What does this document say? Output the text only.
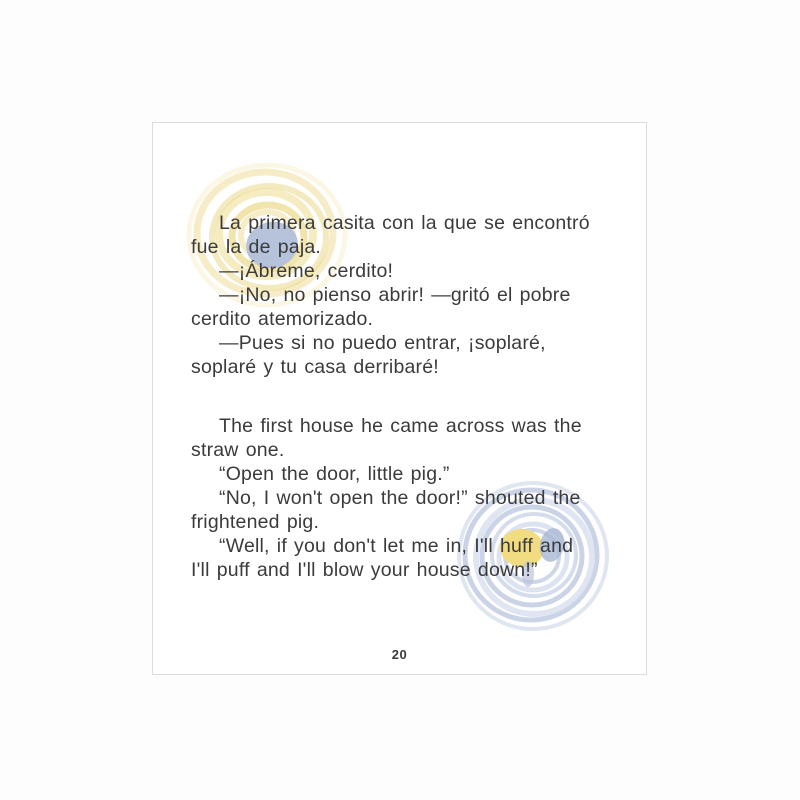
La primera casita con la que se encontró
fue la de paja.
—¡Ábreme, cerdito!
—¡No, no pienso abrir! —gritó el pobre
cerdito atemorizado.
—Pues si no puedo entrar, ¡soplaré,
soplaré y tu casa derribaré!
The first house he came across was the
straw one.
“Open the door, little pig.”
“No, I won't open the door!” shouted the
frightened pig.
“Well, if you don't let me in, I'll huff and
I'll puff and I'll blow your house down!”
20
